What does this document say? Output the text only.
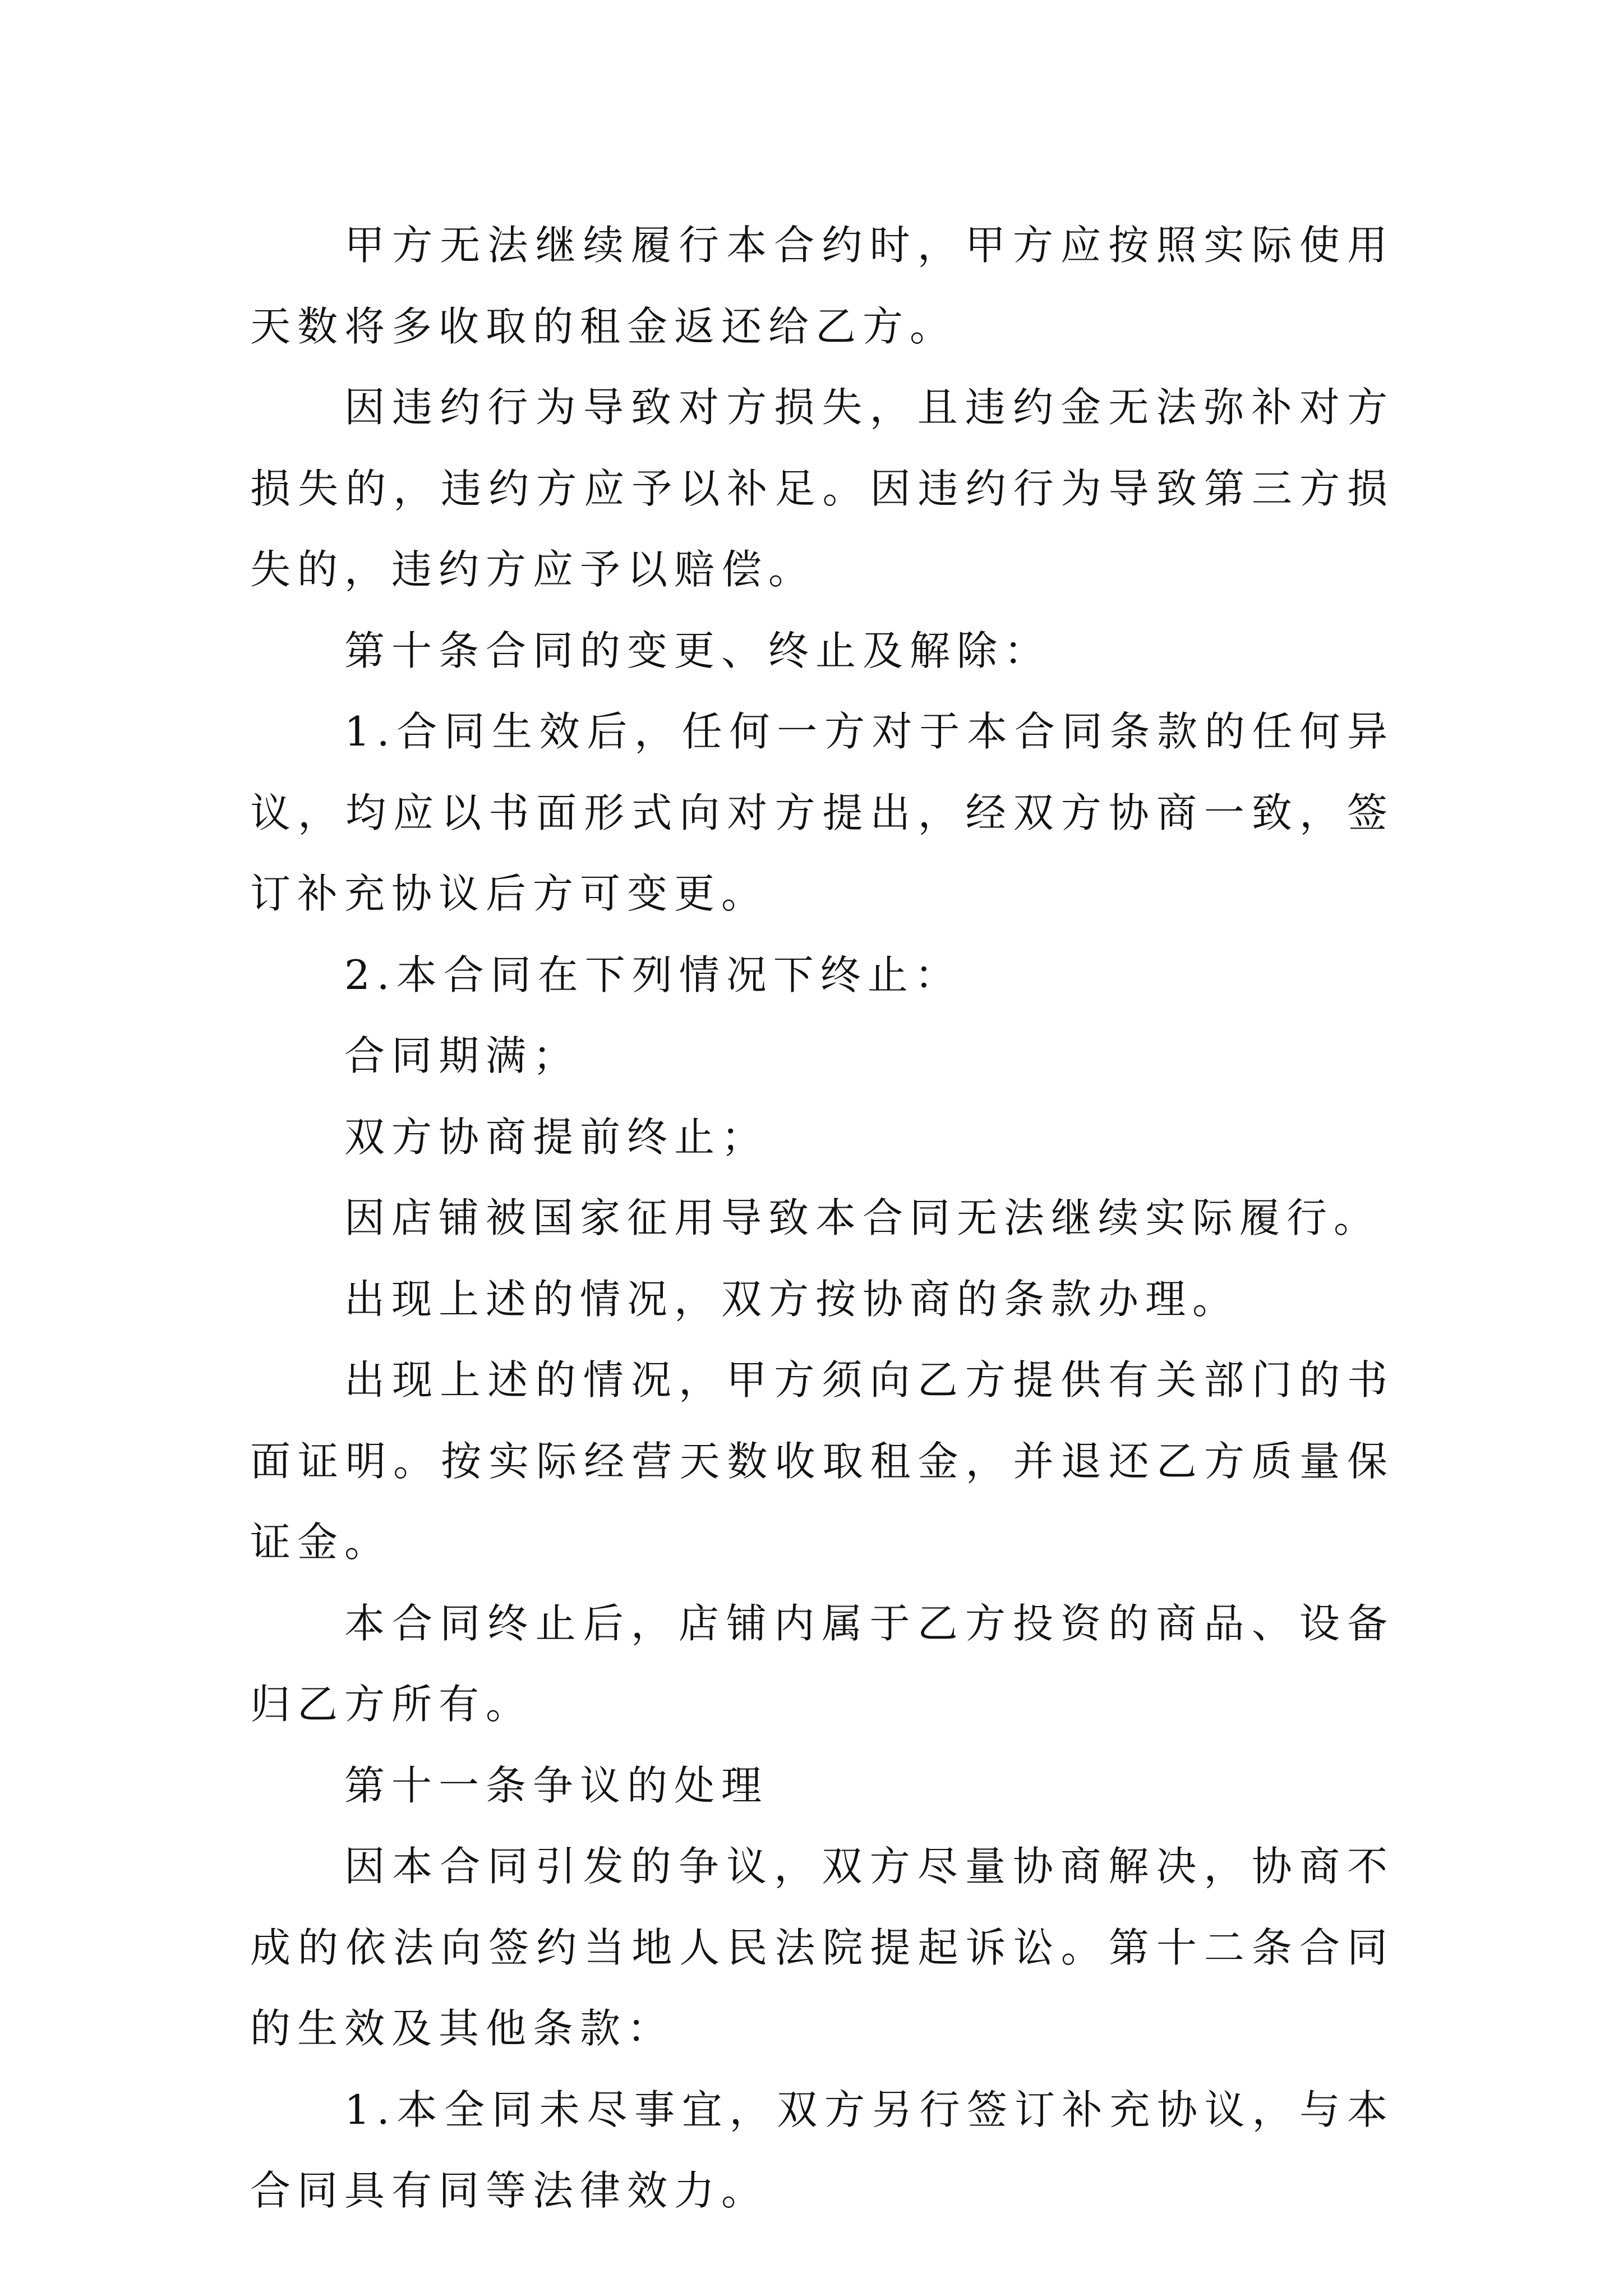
甲方无法继续履行本合约时，甲方应按照实际使用天数将多收取的租金返还给乙方。

因违约行为导致对方损失，且违约金无法弥补对方损失的，违约方应予以补足。因违约行为导致第三方损失的，违约方应予以赔偿。

第十条合同的变更、终止及解除：

1.合同生效后，任何一方对于本合同条款的任何异议，均应以书面形式向对方提出，经双方协商一致，签订补充协议后方可变更。

2.本合同在下列情况下终止：

合同期满；

双方协商提前终止；

因店铺被国家征用导致本合同无法继续实际履行。

出现上述的情况，双方按协商的条款办理。

出现上述的情况，甲方须向乙方提供有关部门的书面证明。按实际经营天数收取租金，并退还乙方质量保证金。

本合同终止后，店铺内属于乙方投资的商品、设备归乙方所有。

第十一条争议的处理

因本合同引发的争议，双方尽量协商解决，协商不成的依法向签约当地人民法院提起诉讼。第十二条合同的生效及其他条款：

1.本全同未尽事宜，双方另行签订补充协议，与本合同具有同等法律效力。
